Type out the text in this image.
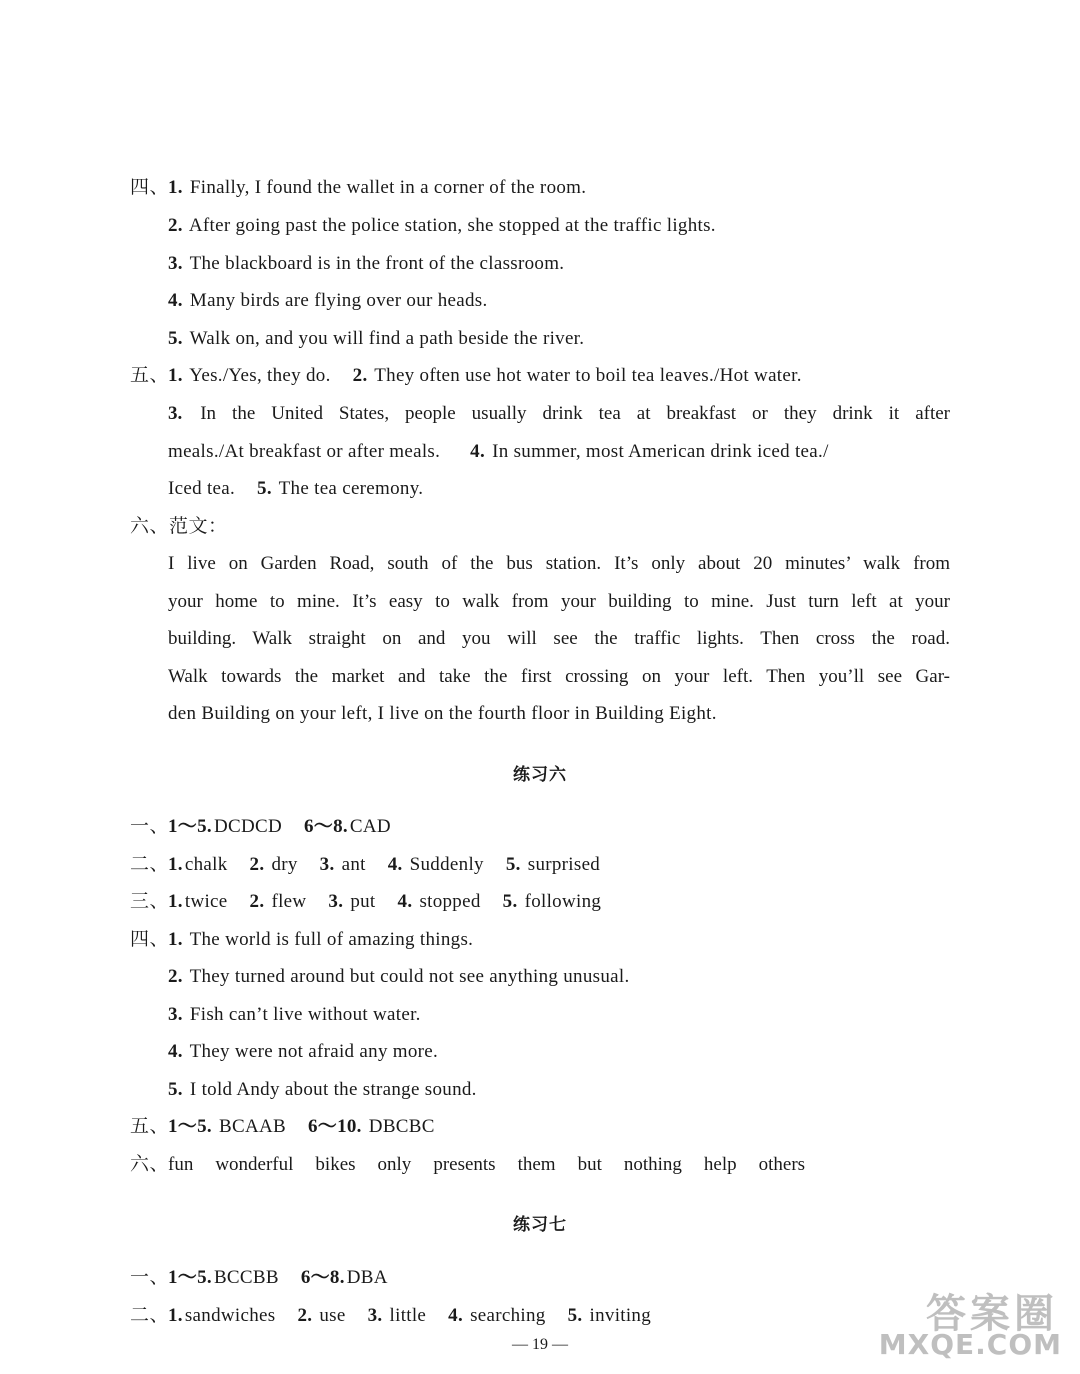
四、
1. Finally, I found the wallet in a corner of the room.
2. After going past the police station, she stopped at the traffic lights.
3. The blackboard is in the front of the classroom.
4. Many birds are flying over our heads.
5. Walk on, and you will find a path beside the river.
五、
1. Yes./Yes, they do. 2. They often use hot water to boil tea leaves./Hot water.
3. In the United States, people usually drink tea at breakfast or they drink it after
meals./At breakfast or after meals. 4. In summer, most American drink iced tea./
Iced tea. 5. The tea ceremony.
六、范文：
I live on Garden Road, south of the bus station. It’s only about 20 minutes’ walk from
your home to mine. It’s easy to walk from your building to mine. Just turn left at your
building. Walk straight on and you will see the traffic lights. Then cross the road.
Walk towards the market and take the first crossing on your left. Then you’ll see Gar-
den Building on your left, I live on the fourth floor in Building Eight.
练习六
一、
1～5. DCDCD 6～8. CAD
二、
1. chalk 2. dry 3. ant 4. Suddenly 5. surprised
三、
1. twice 2. flew 3. put 4. stopped 5. following
四、
1. The world is full of amazing things.
2. They turned around but could not see anything unusual.
3. Fish can’t live without water.
4. They were not afraid any more.
5. I told Andy about the strange sound.
五、
1～5. BCAAB 6～10. DBCBC
六、
fun wonderful bikes only presents them but nothing help others
练习七
一、
1～5. BCCBB 6～8. DBA
二、
1. sandwiches 2. use 3. little 4. searching 5. inviting
— 19 —
答案圈
MXQE.COM
